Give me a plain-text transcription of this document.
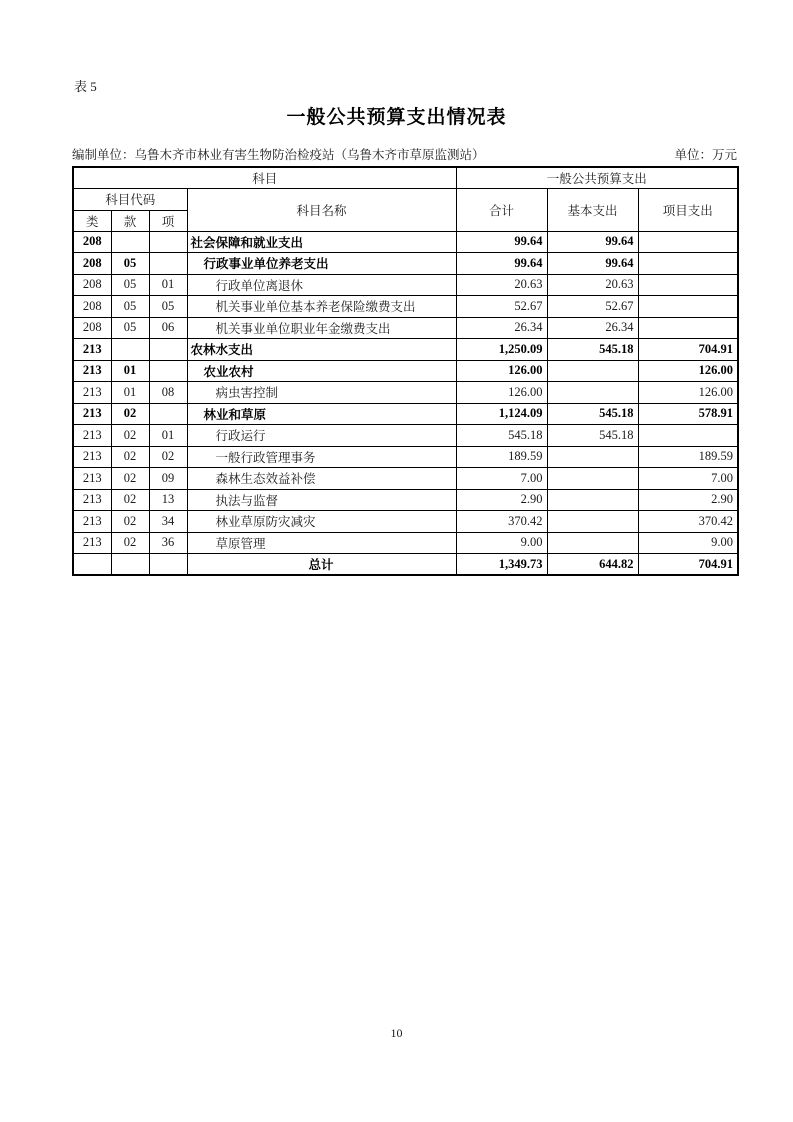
表 5
一般公共预算支出情况表
编制单位：乌鲁木齐市林业有害生物防治检疫站（乌鲁木齐市草原监测站）	单位：万元
科目				一般公共预算支出		
科目代码			科目名称	合计	基本支出	项目支出
类	款	项				
208			社会保障和就业支出	99.64	99.64	
208	05		行政事业单位养老支出	99.64	99.64	
208	05	01	行政单位离退休	20.63	20.63	
208	05	05	机关事业单位基本养老保险缴费支出	52.67	52.67	
208	05	06	机关事业单位职业年金缴费支出	26.34	26.34	
213			农林水支出	1,250.09	545.18	704.91
213	01		农业农村	126.00		126.00
213	01	08	病虫害控制	126.00		126.00
213	02		林业和草原	1,124.09	545.18	578.91
213	02	01	行政运行	545.18	545.18	
213	02	02	一般行政管理事务	189.59		189.59
213	02	09	森林生态效益补偿	7.00		7.00
213	02	13	执法与监督	2.90		2.90
213	02	34	林业草原防灾减灾	370.42		370.42
213	02	36	草原管理	9.00		9.00
			总计	1,349.73	644.82	704.91
10
